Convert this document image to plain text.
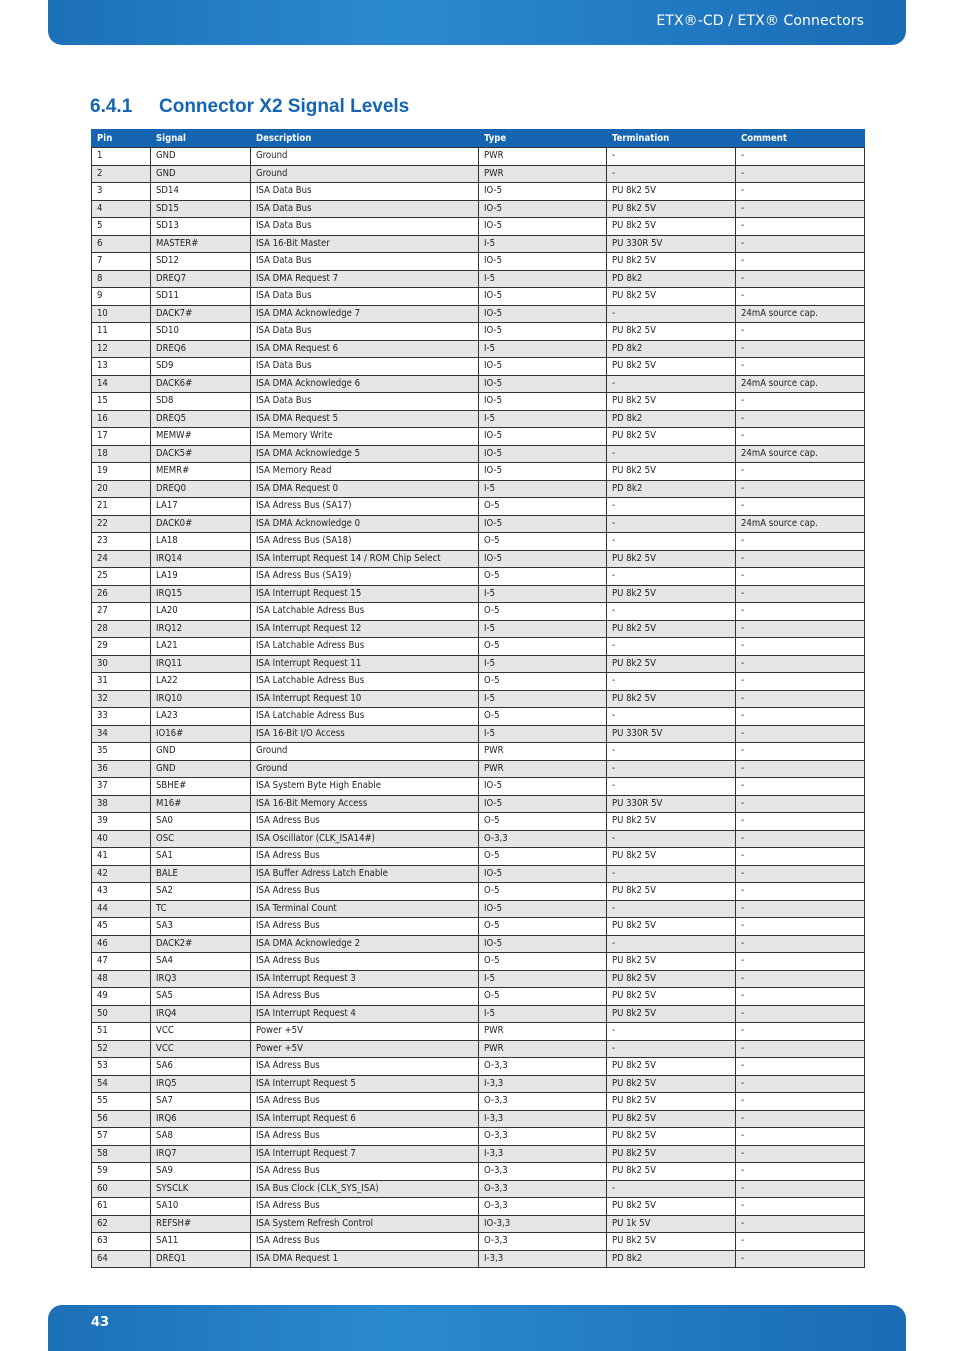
ETX®-CD / ETX® Connectors
6.4.1 Connector X2 Signal Levels
Pin	Signal	Description	Type	Termination	Comment
1	GND	Ground	PWR	-	-
2	GND	Ground	PWR	-	-
3	SD14	ISA Data Bus	IO-5	PU 8k2 5V	-
4	SD15	ISA Data Bus	IO-5	PU 8k2 5V	-
5	SD13	ISA Data Bus	IO-5	PU 8k2 5V	-
6	MASTER#	ISA 16-Bit Master	I-5	PU 330R 5V	-
7	SD12	ISA Data Bus	IO-5	PU 8k2 5V	-
8	DREQ7	ISA DMA Request 7	I-5	PD 8k2	-
9	SD11	ISA Data Bus	IO-5	PU 8k2 5V	-
10	DACK7#	ISA DMA Acknowledge 7	IO-5	-	24mA source cap.
11	SD10	ISA Data Bus	IO-5	PU 8k2 5V	-
12	DREQ6	ISA DMA Request 6	I-5	PD 8k2	-
13	SD9	ISA Data Bus	IO-5	PU 8k2 5V	-
14	DACK6#	ISA DMA Acknowledge 6	IO-5	-	24mA source cap.
15	SD8	ISA Data Bus	IO-5	PU 8k2 5V	-
16	DREQ5	ISA DMA Request 5	I-5	PD 8k2	-
17	MEMW#	ISA Memory Write	IO-5	PU 8k2 5V	-
18	DACK5#	ISA DMA Acknowledge 5	IO-5	-	24mA source cap.
19	MEMR#	ISA Memory Read	IO-5	PU 8k2 5V	-
20	DREQ0	ISA DMA Request 0	I-5	PD 8k2	-
21	LA17	ISA Adress Bus (SA17)	O-5	-	-
22	DACK0#	ISA DMA Acknowledge 0	IO-5	-	24mA source cap.
23	LA18	ISA Adress Bus (SA18)	O-5	-	-
24	IRQ14	ISA Interrupt Request 14 / ROM Chip Select	IO-5	PU 8k2 5V	-
25	LA19	ISA Adress Bus (SA19)	O-5	-	-
26	IRQ15	ISA Interrupt Request 15	I-5	PU 8k2 5V	-
27	LA20	ISA Latchable Adress Bus	O-5	-	-
28	IRQ12	ISA Interrupt Request 12	I-5	PU 8k2 5V	-
29	LA21	ISA Latchable Adress Bus	O-5	-	-
30	IRQ11	ISA Interrupt Request 11	I-5	PU 8k2 5V	-
31	LA22	ISA Latchable Adress Bus	O-5	-	-
32	IRQ10	ISA Interrupt Request 10	I-5	PU 8k2 5V	-
33	LA23	ISA Latchable Adress Bus	O-5	-	-
34	IO16#	ISA 16-Bit I/O Access	I-5	PU 330R 5V	-
35	GND	Ground	PWR	-	-
36	GND	Ground	PWR	-	-
37	SBHE#	ISA System Byte High Enable	IO-5	-	-
38	M16#	ISA 16-Bit Memory Access	IO-5	PU 330R 5V	-
39	SA0	ISA Adress Bus	O-5	PU 8k2 5V	-
40	OSC	ISA Oscillator (CLK_ISA14#)	O-3,3	-	-
41	SA1	ISA Adress Bus	O-5	PU 8k2 5V	-
42	BALE	ISA Buffer Adress Latch Enable	IO-5	-	-
43	SA2	ISA Adress Bus	O-5	PU 8k2 5V	-
44	TC	ISA Terminal Count	IO-5	-	-
45	SA3	ISA Adress Bus	O-5	PU 8k2 5V	-
46	DACK2#	ISA DMA Acknowledge 2	IO-5	-	-
47	SA4	ISA Adress Bus	O-5	PU 8k2 5V	-
48	IRQ3	ISA Interrupt Request 3	I-5	PU 8k2 5V	-
49	SA5	ISA Adress Bus	O-5	PU 8k2 5V	-
50	IRQ4	ISA Interrupt Request 4	I-5	PU 8k2 5V	-
51	VCC	Power +5V	PWR	-	-
52	VCC	Power +5V	PWR	-	-
53	SA6	ISA Adress Bus	O-3,3	PU 8k2 5V	-
54	IRQ5	ISA Interrupt Request 5	I-3,3	PU 8k2 5V	-
55	SA7	ISA Adress Bus	O-3,3	PU 8k2 5V	-
56	IRQ6	ISA Interrupt Request 6	I-3,3	PU 8k2 5V	-
57	SA8	ISA Adress Bus	O-3,3	PU 8k2 5V	-
58	IRQ7	ISA Interrupt Request 7	I-3,3	PU 8k2 5V	-
59	SA9	ISA Adress Bus	O-3,3	PU 8k2 5V	-
60	SYSCLK	ISA Bus Clock (CLK_SYS_ISA)	O-3,3	-	-
61	SA10	ISA Adress Bus	O-3,3	PU 8k2 5V	-
62	REFSH#	ISA System Refresh Control	IO-3,3	PU 1k 5V	-
63	SA11	ISA Adress Bus	O-3,3	PU 8k2 5V	-
64	DREQ1	ISA DMA Request 1	I-3,3	PD 8k2	-
43
